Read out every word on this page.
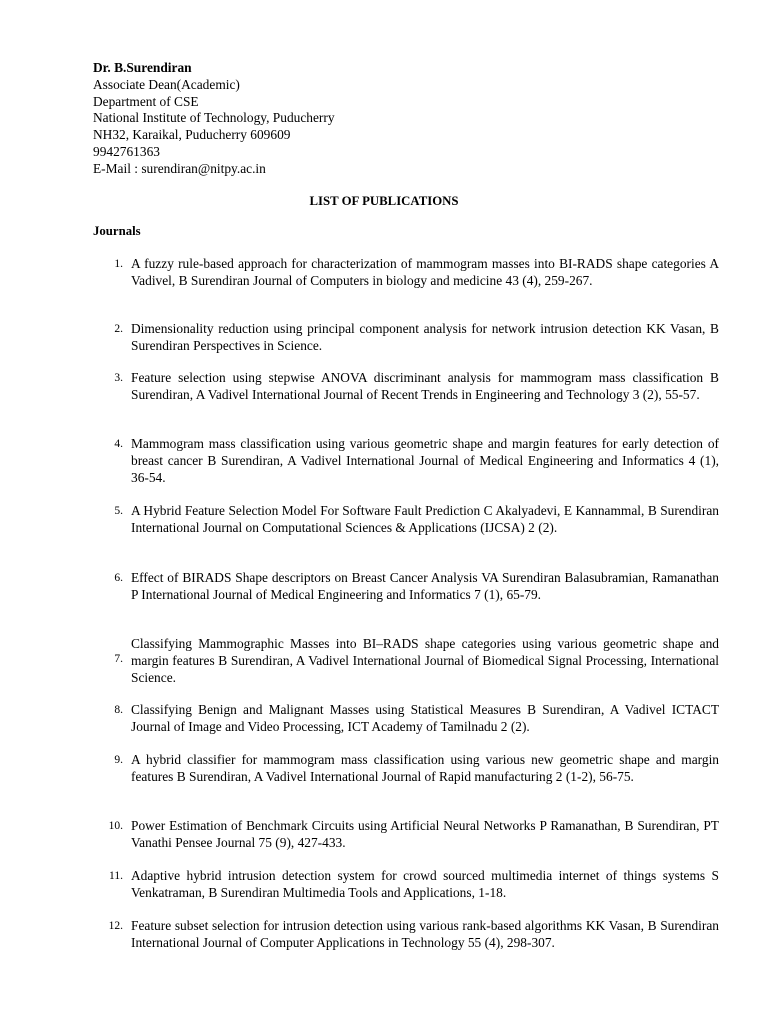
Dr. B.Surendiran
Associate Dean(Academic)
Department of CSE
National Institute of Technology, Puducherry
NH32, Karaikal, Puducherry 609609
9942761363
E-Mail : surendiran@nitpy.ac.in
LIST OF PUBLICATIONS
Journals
1. A fuzzy rule-based approach for characterization of mammogram masses into BI-RADS shape categories A Vadivel, B Surendiran Journal of Computers in biology and medicine 43 (4), 259-267.
2. Dimensionality reduction using principal component analysis for network intrusion detection KK Vasan, B Surendiran Perspectives in Science.
3. Feature selection using stepwise ANOVA discriminant analysis for mammogram mass classification B Surendiran, A Vadivel International Journal of Recent Trends in Engineering and Technology 3 (2), 55-57.
4. Mammogram mass classification using various geometric shape and margin features for early detection of breast cancer B Surendiran, A Vadivel International Journal of Medical Engineering and Informatics 4 (1), 36-54.
5. A Hybrid Feature Selection Model For Software Fault Prediction C Akalyadevi, E Kannammal, B Surendiran International Journal on Computational Sciences & Applications (IJCSA) 2 (2).
6. Effect of BIRADS Shape descriptors on Breast Cancer Analysis VA Surendiran Balasubramian, Ramanathan P International Journal of Medical Engineering and Informatics 7 (1), 65-79.
7.
Classifying Mammographic Masses into BI–RADS shape categories using various geometric shape and margin features B Surendiran, A Vadivel International Journal of Biomedical Signal Processing, International Science.
8. Classifying Benign and Malignant Masses using Statistical Measures B Surendiran, A Vadivel ICTACT Journal of Image and Video Processing, ICT Academy of Tamilnadu 2 (2).
9. A hybrid classifier for mammogram mass classification using various new geometric shape and margin features B Surendiran, A Vadivel International Journal of Rapid manufacturing 2 (1-2), 56-75.
10. Power Estimation of Benchmark Circuits using Artificial Neural Networks P Ramanathan, B Surendiran, PT Vanathi Pensee Journal 75 (9), 427-433.
11. Adaptive hybrid intrusion detection system for crowd sourced multimedia internet of things systems S Venkatraman, B Surendiran Multimedia Tools and Applications, 1-18.
12. Feature subset selection for intrusion detection using various rank-based algorithms KK Vasan, B Surendiran International Journal of Computer Applications in Technology 55 (4), 298-307.
